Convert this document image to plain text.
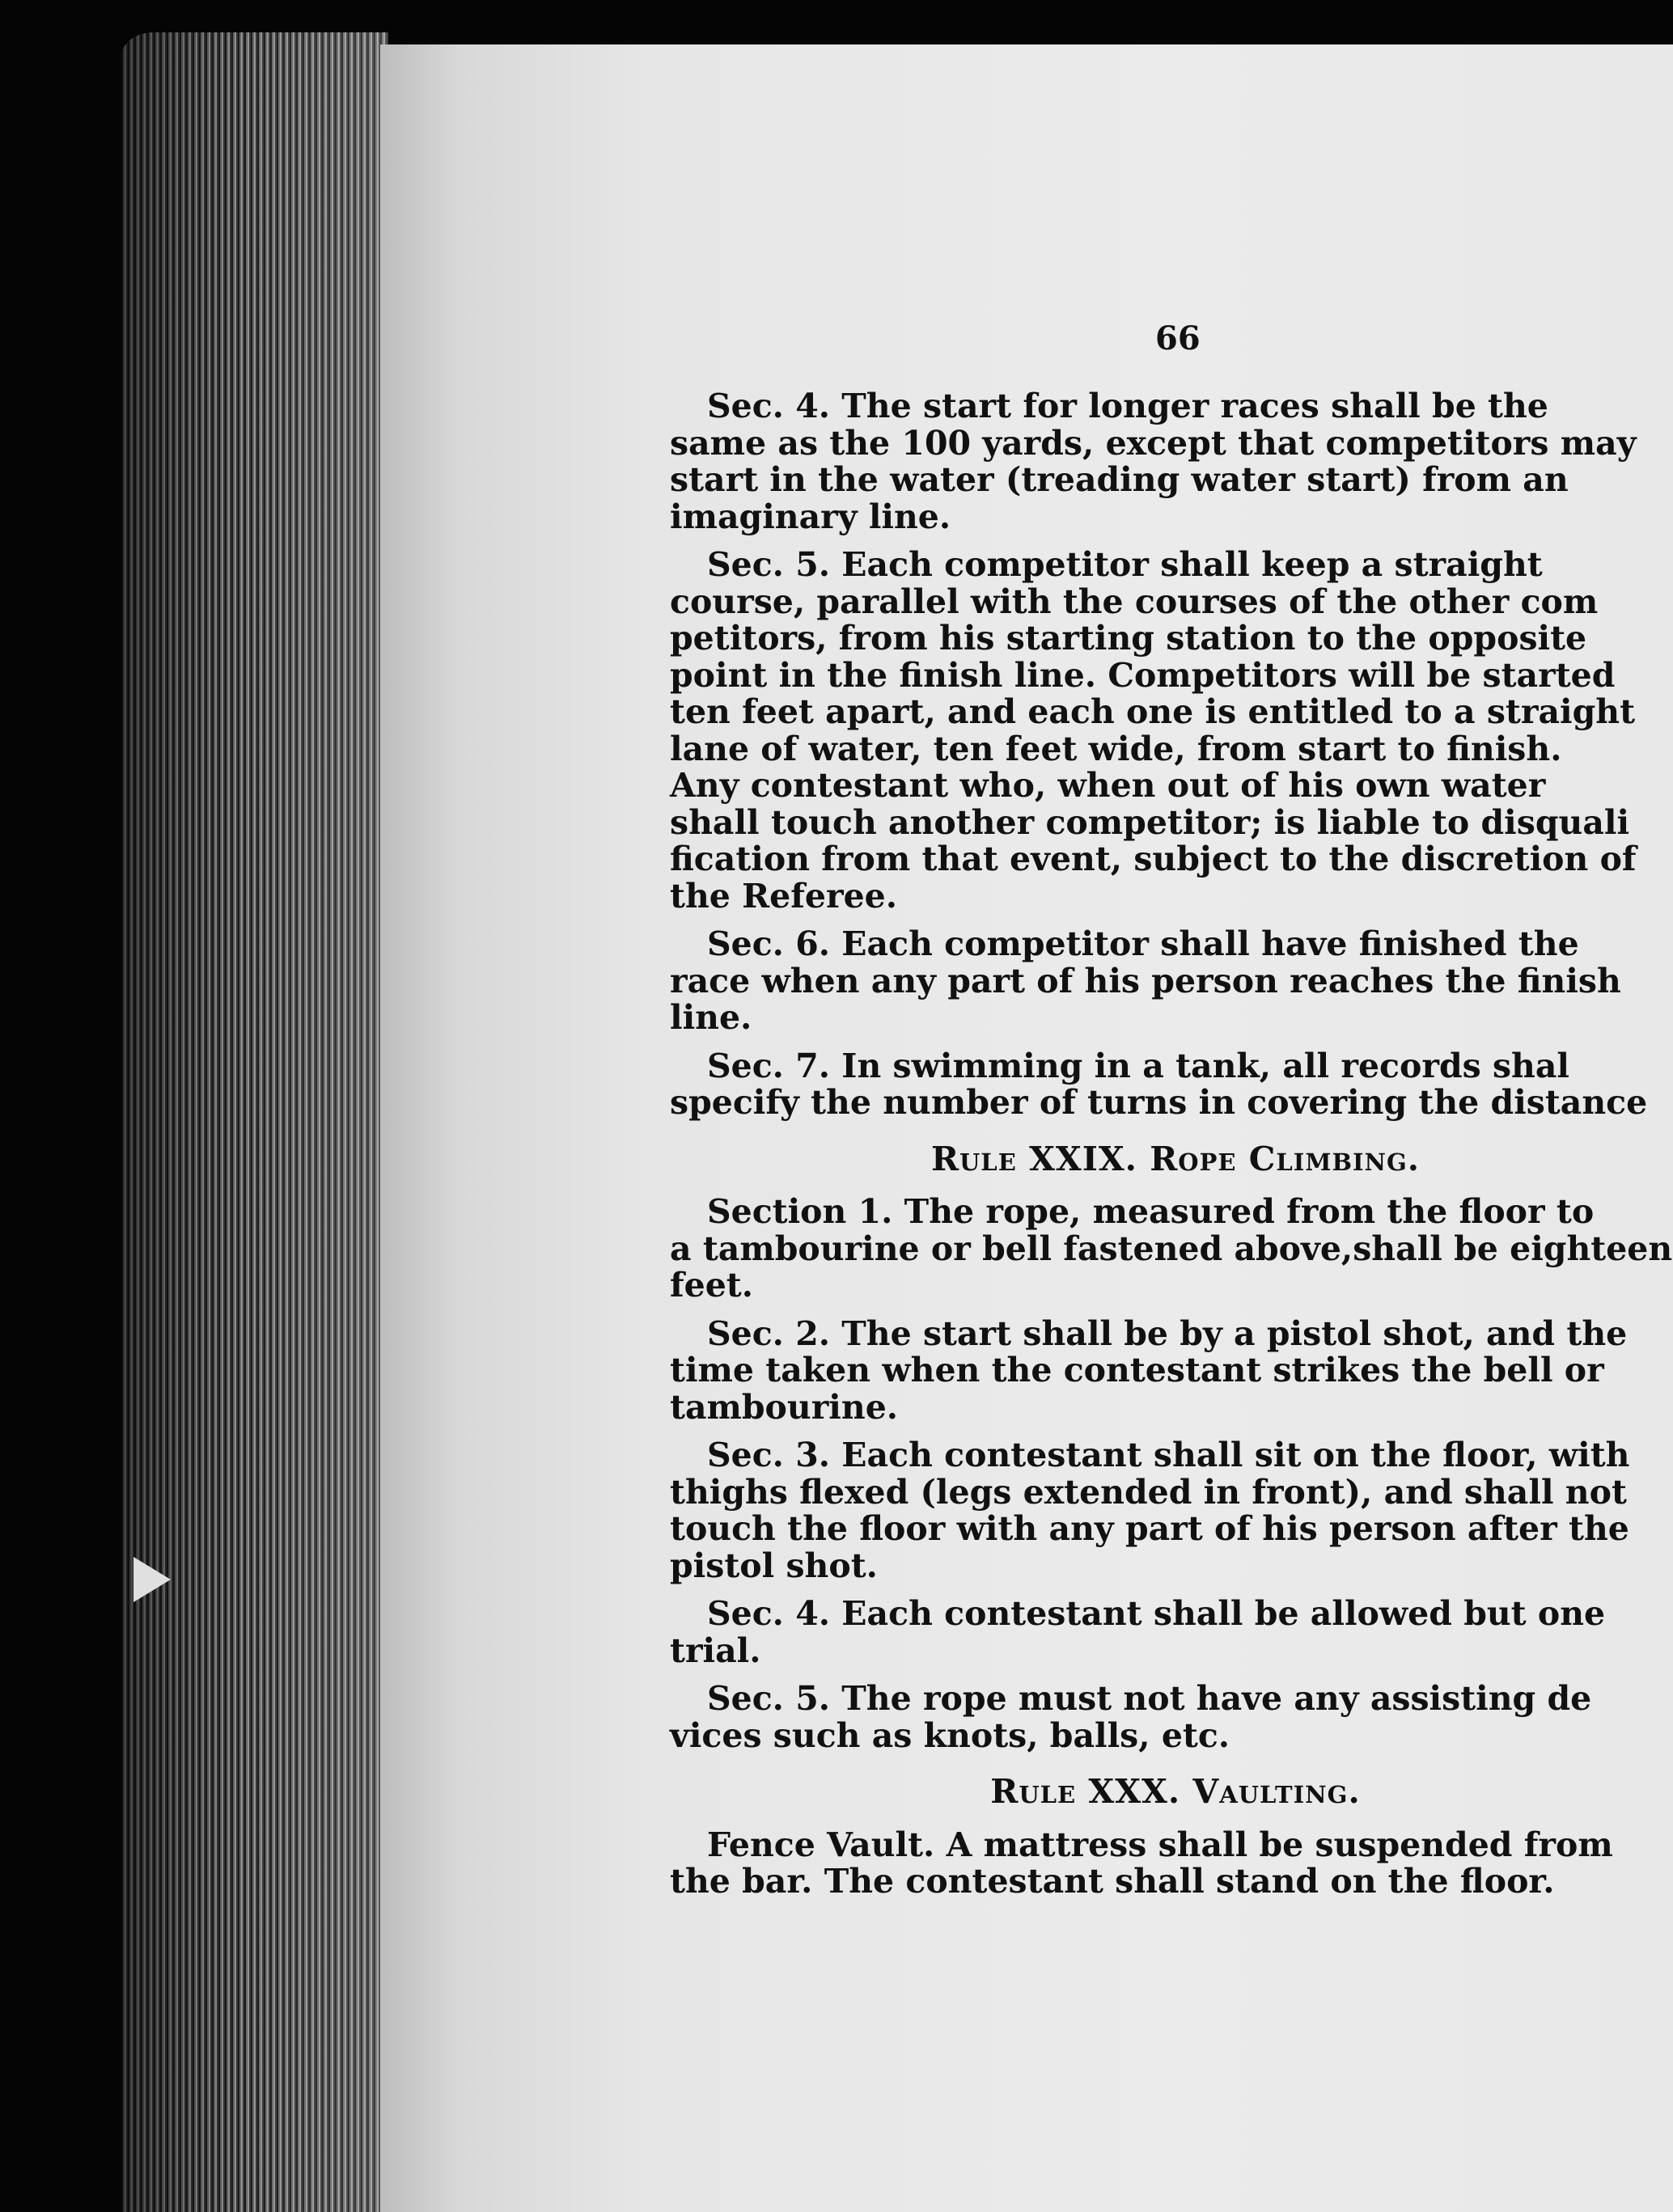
66
Sec. 4. The start for longer races shall be the
same as the 100 yards, except that competitors may
start in the water (treading water start) from an
imaginary line.
Sec. 5. Each competitor shall keep a straight
course, parallel with the courses of the other com
petitors, from his starting station to the opposite
point in the finish line. Competitors will be started
ten feet apart, and each one is entitled to a straight
lane of water, ten feet wide, from start to finish.
Any contestant who, when out of his own water
shall touch another competitor; is liable to disquali
fication from that event, subject to the discretion of
the Referee.
Sec. 6. Each competitor shall have finished the
race when any part of his person reaches the finish
line.
Sec. 7. In swimming in a tank, all records shal
specify the number of turns in covering the distance
Rule XXIX. Rope Climbing.
Section 1. The rope, measured from the floor to
a tambourine or bell fastened above,shall be eighteen
feet.
Sec. 2. The start shall be by a pistol shot, and the
time taken when the contestant strikes the bell or
tambourine.
Sec. 3. Each contestant shall sit on the floor, with
thighs flexed (legs extended in front), and shall not
touch the floor with any part of his person after the
pistol shot.
Sec. 4. Each contestant shall be allowed but one
trial.
Sec. 5. The rope must not have any assisting de
vices such as knots, balls, etc.
Rule XXX. Vaulting.
Fence Vault. A mattress shall be suspended from
the bar. The contestant shall stand on the floor.
